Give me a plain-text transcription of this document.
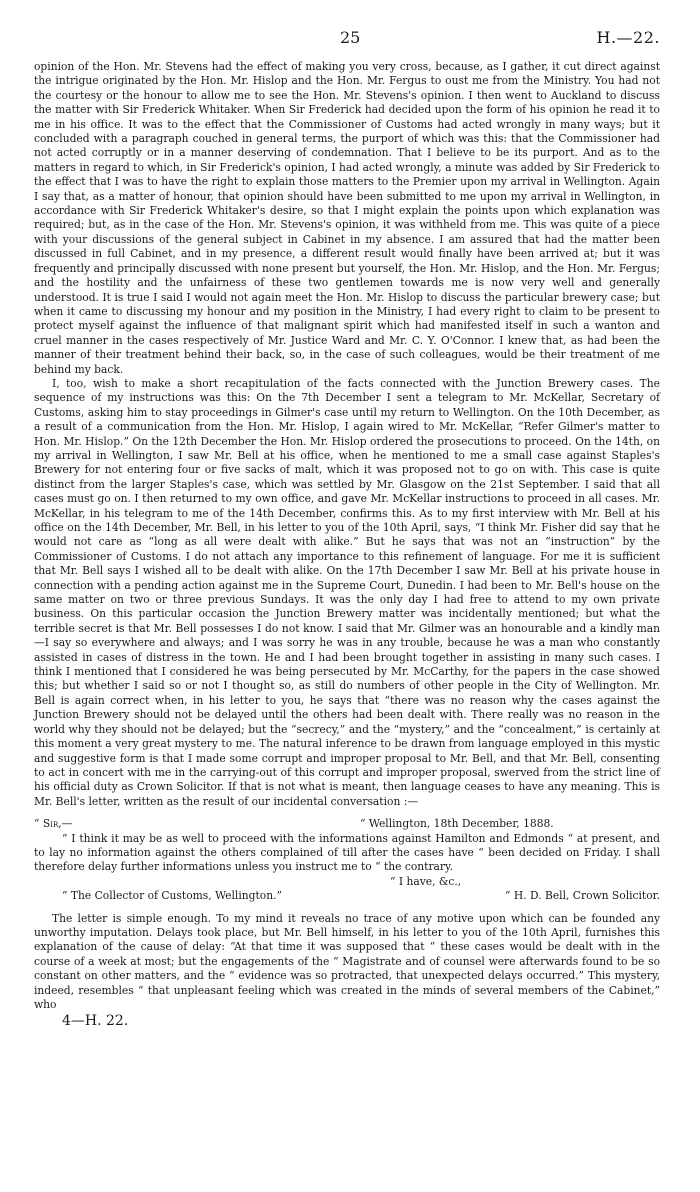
25	H.—22.

opinion of the Hon. Mr. Stevens had the effect of making you very cross, because, as I gather, it cut direct against the intrigue originated by the Hon. Mr. Hislop and the Hon. Mr. Fergus to oust me from the Ministry. You had not the courtesy or the honour to allow me to see the Hon. Mr. Stevens's opinion. I then went to Auckland to discuss the matter with Sir Frederick Whitaker. When Sir Frederick had decided upon the form of his opinion he read it to me in his office. It was to the effect that the Commissioner of Customs had acted wrongly in many ways; but it concluded with a paragraph couched in general terms, the purport of which was this: that the Commissioner had not acted corruptly or in a manner deserving of condemnation. That I believe to be its purport. And as to the matters in regard to which, in Sir Frederick's opinion, I had acted wrongly, a minute was added by Sir Frederick to the effect that I was to have the right to explain those matters to the Premier upon my arrival in Wellington. Again I say that, as a matter of honour, that opinion should have been submitted to me upon my arrival in Wellington, in accordance with Sir Frederick Whitaker's desire, so that I might explain the points upon which explanation was required; but, as in the case of the Hon. Mr. Stevens's opinion, it was withheld from me. This was quite of a piece with your discussions of the general subject in Cabinet in my absence. I am assured that had the matter been discussed in full Cabinet, and in my presence, a different result would finally have been arrived at; but it was frequently and principally discussed with none present but yourself, the Hon. Mr. Hislop, and the Hon. Mr. Fergus; and the hostility and the unfairness of these two gentlemen towards me is now very well and generally understood. It is true I said I would not again meet the Hon. Mr. Hislop to discuss the particular brewery case; but when it came to discussing my honour and my position in the Ministry, I had every right to claim to be present to protect myself against the influence of that malignant spirit which had manifested itself in such a wanton and cruel manner in the cases respectively of Mr. Justice Ward and Mr. C. Y. O'Connor. I knew that, as had been the manner of their treatment behind their back, so, in the case of such colleagues, would be their treatment of me behind my back.

I, too, wish to make a short recapitulation of the facts connected with the Junction Brewery cases. The sequence of my instructions was this: On the 7th December I sent a telegram to Mr. McKellar, Secretary of Customs, asking him to stay proceedings in Gilmer's case until my return to Wellington. On the 10th December, as a result of a communication from the Hon. Mr. Hislop, I again wired to Mr. McKellar, “Refer Gilmer's matter to Hon. Mr. Hislop.” On the 12th December the Hon. Mr. Hislop ordered the prosecutions to proceed. On the 14th, on my arrival in Wellington, I saw Mr. Bell at his office, when he mentioned to me a small case against Staples's Brewery for not entering four or five sacks of malt, which it was proposed not to go on with. This case is quite distinct from the larger Staples's case, which was settled by Mr. Glasgow on the 21st September. I said that all cases must go on. I then returned to my own office, and gave Mr. McKellar instructions to proceed in all cases. Mr. McKellar, in his telegram to me of the 14th December, confirms this. As to my first interview with Mr. Bell at his office on the 14th December, Mr. Bell, in his letter to you of the 10th April, says, “I think Mr. Fisher did say that he would not care as “long as all were dealt with alike.” But he says that was not an “instruction” by the Commissioner of Customs. I do not attach any importance to this refinement of language. For me it is sufficient that Mr. Bell says I wished all to be dealt with alike. On the 17th December I saw Mr. Bell at his private house in connection with a pending action against me in the Supreme Court, Dunedin. I had been to Mr. Bell's house on the same matter on two or three previous Sundays. It was the only day I had free to attend to my own private business. On this particular occasion the Junction Brewery matter was incidentally mentioned; but what the terrible secret is that Mr. Bell possesses I do not know. I said that Mr. Gilmer was an honourable and a kindly man—I say so everywhere and always; and I was sorry he was in any trouble, because he was a man who constantly assisted in cases of distress in the town. He and I had been brought together in assisting in many such cases. I think I mentioned that I considered he was being persecuted by Mr. McCarthy, for the papers in the case showed this; but whether I said so or not I thought so, as still do numbers of other people in the City of Wellington. Mr. Bell is again correct when, in his letter to you, he says that “there was no reason why the cases against the Junction Brewery should not be delayed until the others had been dealt with. There really was no reason in the world why they should not be delayed; but the “secrecy,” and the “mystery,” and the “concealment,” is certainly at this moment a very great mystery to me. The natural inference to be drawn from language employed in this mystic and suggestive form is that I made some corrupt and improper proposal to Mr. Bell, and that Mr. Bell, consenting to act in concert with me in the carrying-out of this corrupt and improper proposal, swerved from the strict line of his official duty as Crown Solicitor. If that is not what is meant, then language ceases to have any meaning. This is Mr. Bell's letter, written as the result of our incidental conversation :—

“ Sir,—	“ Wellington, 18th December, 1888.
“ I think it may be as well to proceed with the informations against Hamilton and Edmonds “ at present, and to lay no information against the others complained of till after the cases have “ been decided on Friday. I shall therefore delay further informations unless you instruct me to “ the contrary.
“ I have, &c.,
“ The Collector of Customs, Wellington.”	“ H. D. Bell, Crown Solicitor.

The letter is simple enough. To my mind it reveals no trace of any motive upon which can be founded any unworthy imputation. Delays took place, but Mr. Bell himself, in his letter to you of the 10th April, furnishes this explanation of the cause of delay: “At that time it was supposed that “ these cases would be dealt with in the course of a week at most; but the engagements of the “ Magistrate and of counsel were afterwards found to be so constant on other matters, and the “ evidence was so protracted, that unexpected delays occurred.” This mystery, indeed, resembles “ that unpleasant feeling which was created in the minds of several members of the Cabinet,” who

4—H. 22.
